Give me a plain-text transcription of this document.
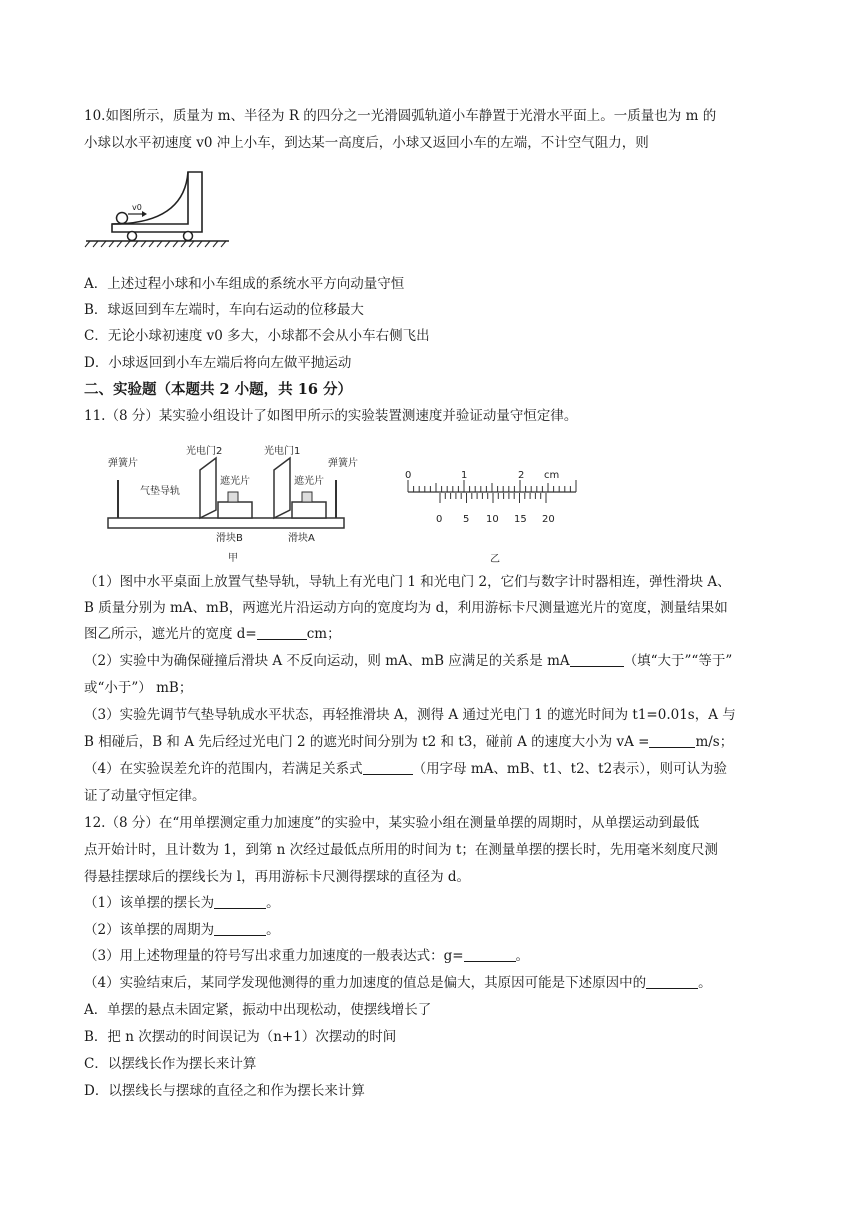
10.如图所示，质量为 m、半径为 R 的四分之一光滑圆弧轨道小车静置于光滑水平面上。一质量也为 m 的
小球以水平初速度 v0 冲上小车，到达某一高度后，小球又返回小车的左端，不计空气阻力，则
v0
A．上述过程小球和小车组成的系统水平方向动量守恒
B．球返回到车左端时，车向右运动的位移最大
C．无论小球初速度 v0 多大，小球都不会从小车右侧飞出
D．小球返回到小车左端后将向左做平抛运动
二、实验题（本题共 2 小题，共 16 分）
11.（8 分）某实验小组设计了如图甲所示的实验装置测速度并验证动量守恒定律。
弹簧片
光电门2	光电门1
弹簧片
气垫导轨
遮光片	遮光片
滑块B	滑块A
甲
0	1	2 cm
0 5 10 15 20
乙
（1）图中水平桌面上放置气垫导轨，导轨上有光电门 1 和光电门 2，它们与数字计时器相连，弹性滑块 A、
B 质量分别为 mA、mB，两遮光片沿运动方向的宽度均为 d，利用游标卡尺测量遮光片的宽度，测量结果如
图乙所示，遮光片的宽度 d=	cm；
（2）实验中为确保碰撞后滑块 A 不反向运动，则 mA、mB 应满足的关系是 mA	（填“大于”“等于”
或“小于”） mB；
（3）实验先调节气垫导轨成水平状态，再轻推滑块 A，测得 A 通过光电门 1 的遮光时间为 t1=0.01s，A 与
B 相碰后，B 和 A 先后经过光电门 2 的遮光时间分别为 t2 和 t3，碰前 A 的速度大小为 vA =	m/s；
（4）在实验误差允许的范围内，若满足关系式	（用字母 mA、mB、t1、t2、t2表示），则可认为验
证了动量守恒定律。
12.（8 分）在“用单摆测定重力加速度”的实验中，某实验小组在测量单摆的周期时，从单摆运动到最低
点开始计时，且计数为 1，到第 n 次经过最低点所用的时间为 t；在测量单摆的摆长时，先用毫米刻度尺测
得悬挂摆球后的摆线长为 l，再用游标卡尺测得摆球的直径为 d。
（1）该单摆的摆长为	。
（2）该单摆的周期为	。
（3）用上述物理量的符号写出求重力加速度的一般表达式：g=	。
（4）实验结束后，某同学发现他测得的重力加速度的值总是偏大，其原因可能是下述原因中的	。
A．单摆的悬点未固定紧，振动中出现松动，使摆线增长了
B．把 n 次摆动的时间误记为（n+1）次摆动的时间
C．以摆线长作为摆长来计算
D．以摆线长与摆球的直径之和作为摆长来计算
